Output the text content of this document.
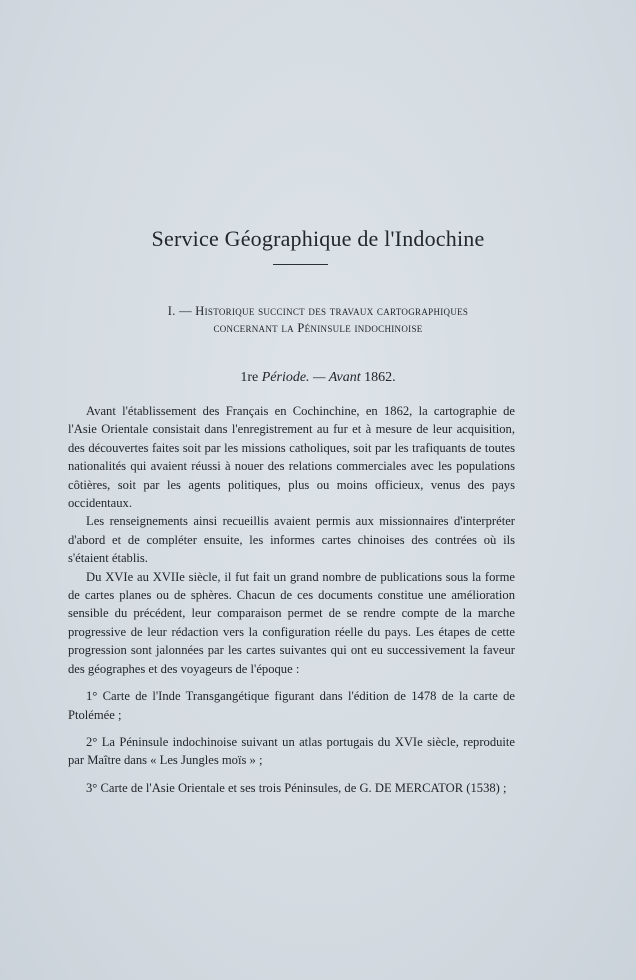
Service Géographique de l'Indochine
I. — Historique succinct des travaux cartographiques
concernant la Péninsule indochinoise
1re Période. — Avant 1862.

Avant l'établissement des Français en Cochinchine, en 1862, la cartographie de l'Asie Orientale consistait dans l'enregistrement au fur et à mesure de leur acquisition, des découvertes faites soit par les missions catholiques, soit par les trafiquants de toutes nationalités qui avaient réussi à nouer des relations commerciales avec les populations côtières, soit par les agents politiques, plus ou moins officieux, venus des pays occidentaux.

Les renseignements ainsi recueillis avaient permis aux missionnaires d'interpréter d'abord et de compléter ensuite, les informes cartes chinoises des contrées où ils s'étaient établis.

Du XVIe au XVIIe siècle, il fut fait un grand nombre de publications sous la forme de cartes planes ou de sphères. Chacun de ces documents constitue une amélioration sensible du précédent, leur comparaison permet de se rendre compte de la marche progressive de leur rédaction vers la configuration réelle du pays. Les étapes de cette progression sont jalonnées par les cartes suivantes qui ont eu successivement la faveur des géographes et des voyageurs de l'époque :

1° Carte de l'Inde Transgangétique figurant dans l'édition de 1478 de la carte de Ptolémée ;

2° La Péninsule indochinoise suivant un atlas portugais du XVIe siècle, reproduite par Maître dans « Les Jungles moïs » ;

3° Carte de l'Asie Orientale et ses trois Péninsules, de G. DE MERCATOR (1538) ;
